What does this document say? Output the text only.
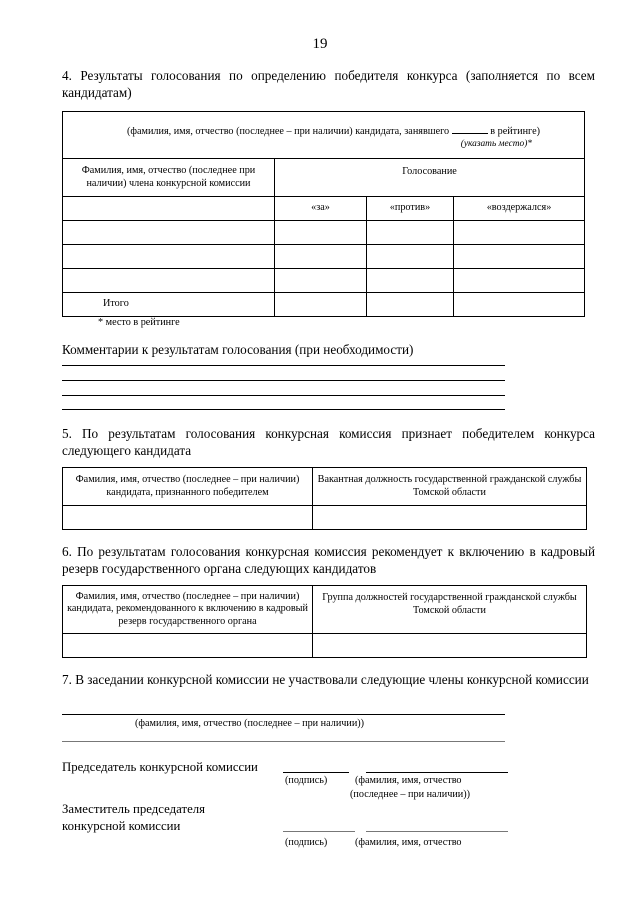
19
4. Результаты голосования по определению победителя конкурса (заполняется по всем кандидатам)
(фамилия, имя, отчество (последнее – при наличии) кандидата, занявшего в рейтинге)
(указать место)*			

Фамилия, имя, отчество (последнее при наличии) члена конкурсной комиссии	Голосование		
	«за»	«против»	«воздержался»

Итого			
* место в рейтинге
Комментарии к результатам голосования (при необходимости)
5. По результатам голосования конкурсная комиссия признает победителем конкурса следующего кандидата
Фамилия, имя, отчество (последнее – при наличии) кандидата, признанного победителем	Вакантная должность государственной гражданской службы Томской области

6. По результатам голосования конкурсная комиссия рекомендует к включению в кадровый резерв государственного органа следующих кандидатов
Фамилия, имя, отчество (последнее – при наличии) кандидата, рекомендованного к включению в кадровый резерв государственного органа	Группа должностей государственной гражданской службы Томской области

7. В заседании конкурсной комиссии не участвовали следующие члены конкурсной комиссии
(фамилия, имя, отчество (последнее – при наличии))
Председатель конкурсной комиссии
(подпись)	(фамилия, имя, отчество
(последнее – при наличии))
Заместитель председателя
конкурсной комиссии
(подпись)	(фамилия, имя, отчество
